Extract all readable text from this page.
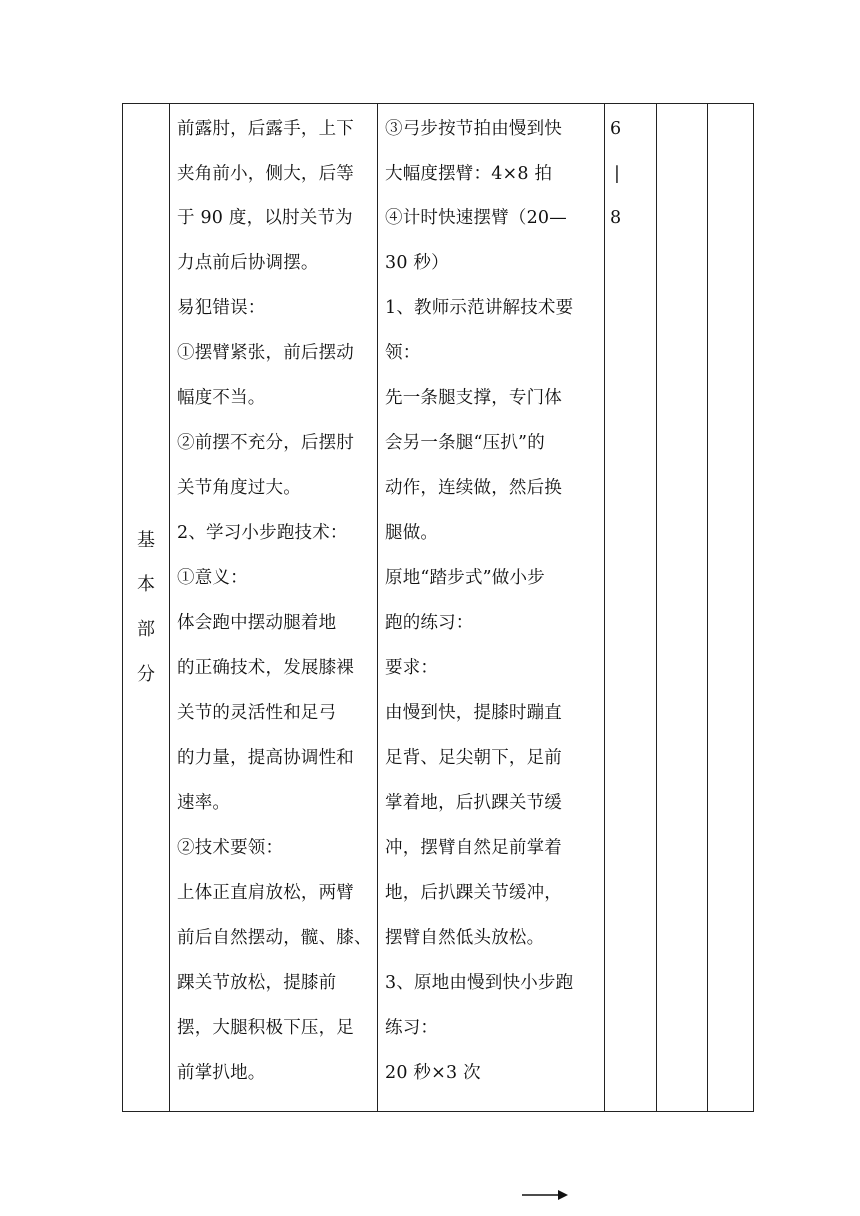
基
本
部
分
前露肘，后露手，上下
夹角前小，侧大，后等
于 90 度，以肘关节为
力点前后协调摆。
易犯错误：
①摆臂紧张，前后摆动
幅度不当。
②前摆不充分，后摆肘
关节角度过大。
2、学习小步跑技术：
①意义：
体会跑中摆动腿着地
的正确技术，发展膝裸
关节的灵活性和足弓
的力量，提高协调性和
速率。
②技术要领：
上体正直肩放松，两臂
前后自然摆动，髋、膝、
踝关节放松，提膝前
摆，大腿积极下压，足
前掌扒地。
③弓步按节拍由慢到快
大幅度摆臂：4×8 拍
④计时快速摆臂（20—
30 秒）
1、教师示范讲解技术要
领：
先一条腿支撑，专门体
会另一条腿“压扒”的
动作，连续做，然后换
腿做。
原地“踏步式”做小步
跑的练习：
要求：
由慢到快，提膝时蹦直
足背、足尖朝下，足前
掌着地，后扒踝关节缓
冲，摆臂自然足前掌着
地，后扒踝关节缓冲，
摆臂自然低头放松。
3、原地由慢到快小步跑
练习：
20 秒×3 次
6
|
8
